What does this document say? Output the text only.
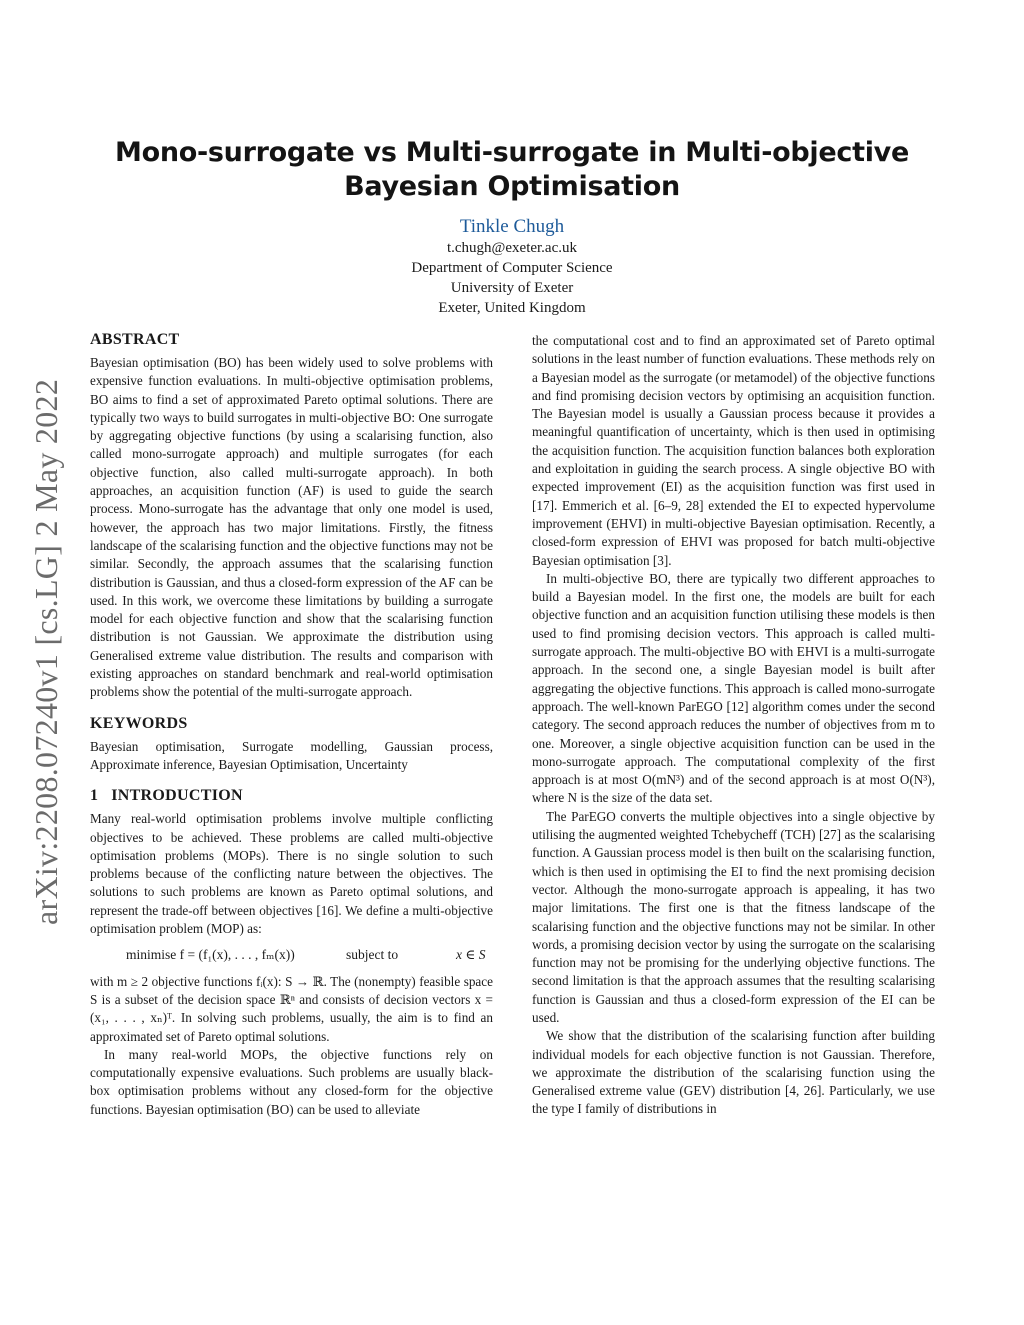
Mono-surrogate vs Multi-surrogate in Multi-objective Bayesian Optimisation
Tinkle Chugh
t.chugh@exeter.ac.uk
Department of Computer Science
University of Exeter
Exeter, United Kingdom
arXiv:2208.07240v1 [cs.LG] 2 May 2022
ABSTRACT

Bayesian optimisation (BO) has been widely used to solve problems with expensive function evaluations. In multi-objective optimisation problems, BO aims to find a set of approximated Pareto optimal solutions. There are typically two ways to build surrogates in multi-objective BO: One surrogate by aggregating objective functions (by using a scalarising function, also called mono-surrogate approach) and multiple surrogates (for each objective function, also called multi-surrogate approach). In both approaches, an acquisition function (AF) is used to guide the search process. Mono-surrogate has the advantage that only one model is used, however, the approach has two major limitations. Firstly, the fitness landscape of the scalarising function and the objective functions may not be similar. Secondly, the approach assumes that the scalarising function distribution is Gaussian, and thus a closed-form expression of the AF can be used. In this work, we overcome these limitations by building a surrogate model for each objective function and show that the scalarising function distribution is not Gaussian. We approximate the distribution using Generalised extreme value distribution. The results and comparison with existing approaches on standard benchmark and real-world optimisation problems show the potential of the multi-surrogate approach.

KEYWORDS

Bayesian optimisation, Surrogate modelling, Gaussian process, Approximate inference, Bayesian Optimisation, Uncertainty

1   INTRODUCTION

Many real-world optimisation problems involve multiple conflicting objectives to be achieved. These problems are called multi-objective optimisation problems (MOPs). There is no single solution to such problems because of the conflicting nature between the objectives. The solutions to such problems are known as Pareto optimal solutions, and represent the trade-off between objectives [16]. We define a multi-objective optimisation problem (MOP) as:

minimise f = (f₁(x), . . . , fₘ(x))	subject to	x ∈ S

with m ≥ 2 objective functions fᵢ(x): S → ℝ. The (nonempty) feasible space S is a subset of the decision space ℝⁿ and consists of decision vectors x = (x₁, . . . , xₙ)ᵀ. In solving such problems, usually, the aim is to find an approximated set of Pareto optimal solutions.

In many real-world MOPs, the objective functions rely on computationally expensive evaluations. Such problems are usually black-box optimisation problems without any closed-form for the objective functions. Bayesian optimisation (BO) can be used to alleviate

the computational cost and to find an approximated set of Pareto optimal solutions in the least number of function evaluations. These methods rely on a Bayesian model as the surrogate (or metamodel) of the objective functions and find promising decision vectors by optimising an acquisition function. The Bayesian model is usually a Gaussian process because it provides a meaningful quantification of uncertainty, which is then used in optimising the acquisition function. The acquisition function balances both exploration and exploitation in guiding the search process. A single objective BO with expected improvement (EI) as the acquisition function was first used in [17]. Emmerich et al. [6–9, 28] extended the EI to expected hypervolume improvement (EHVI) in multi-objective Bayesian optimisation. Recently, a closed-form expression of EHVI was proposed for batch multi-objective Bayesian optimisation [3].

In multi-objective BO, there are typically two different approaches to build a Bayesian model. In the first one, the models are built for each objective function and an acquisition function utilising these models is then used to find promising decision vectors. This approach is called multi-surrogate approach. The multi-objective BO with EHVI is a multi-surrogate approach. In the second one, a single Bayesian model is built after aggregating the objective functions. This approach is called mono-surrogate approach. The well-known ParEGO [12] algorithm comes under the second category. The second approach reduces the number of objectives from m to one. Moreover, a single objective acquisition function can be used in the mono-surrogate approach. The computational complexity of the first approach is at most O(mN³) and of the second approach is at most O(N³), where N is the size of the data set.

The ParEGO converts the multiple objectives into a single objective by utilising the augmented weighted Tchebycheff (TCH) [27] as the scalarising function. A Gaussian process model is then built on the scalarising function, which is then used in optimising the EI to find the next promising decision vector. Although the mono-surrogate approach is appealing, it has two major limitations. The first one is that the fitness landscape of the scalarising function and the objective functions may not be similar. In other words, a promising decision vector by using the surrogate on the scalarising function may not be promising for the underlying objective functions. The second limitation is that the approach assumes that the resulting scalarising function is Gaussian and thus a closed-form expression of the EI can be used.

We show that the distribution of the scalarising function after building individual models for each objective function is not Gaussian. Therefore, we approximate the distribution of the scalarising function using the Generalised extreme value (GEV) distribution [4, 26]. Particularly, we use the type I family of distributions in
